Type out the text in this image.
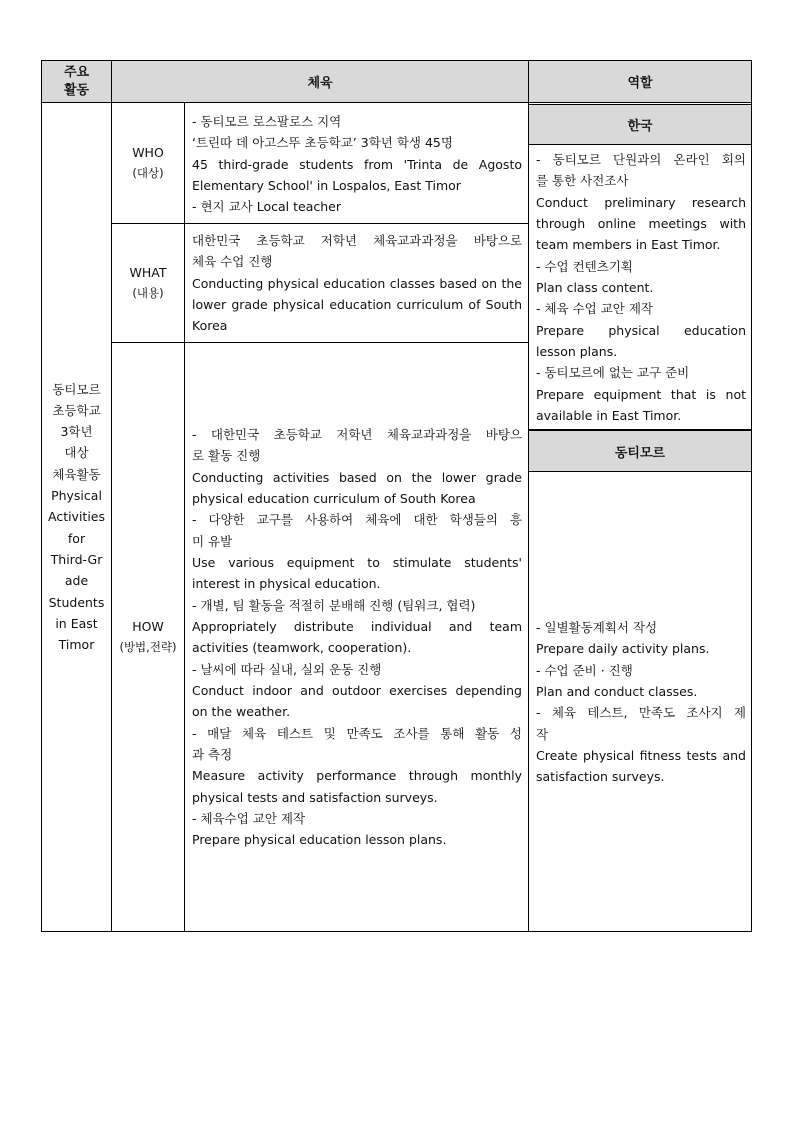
주요
활동	체육	역할
동티모르
초등학교
3학년
대상
체육활동
Physical
Activities
for
Third-Gr
ade
Students
in East
Timor
WHO
(대상)
- 동티모르 로스팔로스 지역
‘트린따 데 아고스뚜 초등학교’ 3학년 학생 45명
45 third-grade students from 'Trinta de Agosto
Elementary School' in Lospalos, East Timor
- 현지 교사 Local teacher
WHAT
(내용)
대한민국 초등학교 저학년 체육교과과정을 바탕으로
체육 수업 진행
Conducting physical education classes based on the
lower grade physical education curriculum of South
Korea
HOW
(방법,전략)
- 대한민국 초등학교 저학년 체육교과과정을 바탕으
로 활동 진행
Conducting activities based on the lower grade
physical education curriculum of South Korea
- 다양한 교구를 사용하여 체육에 대한 학생들의 흥
미 유발
Use various equipment to stimulate students'
interest in physical education.
- 개별, 팀 활동을 적절히 분배해 진행 (팀워크, 협력)
Appropriately distribute individual and team
activities (teamwork, cooperation).
- 날씨에 따라 실내, 실외 운동 진행
Conduct indoor and outdoor exercises depending
on the weather.
- 매달 체육 테스트 및 만족도 조사를 통해 활동 성
과 측정
Measure activity performance through monthly
physical tests and satisfaction surveys.
- 체육수업 교안 제작
Prepare physical education lesson plans.
한국
- 동티모르 단원과의 온라인 회의
를 통한 사전조사
Conduct preliminary research
through online meetings with
team members in East Timor.
- 수업 컨텐츠기획
Plan class content.
- 체육 수업 교안 제작
Prepare physical education
lesson plans.
- 동티모르에 없는 교구 준비
Prepare equipment that is not
available in East Timor.
동티모르
- 일별활동계획서 작성
Prepare daily activity plans.
- 수업 준비 · 진행
Plan and conduct classes.
- 체육 테스트, 만족도 조사지 제
작
Create physical fitness tests and
satisfaction surveys.
